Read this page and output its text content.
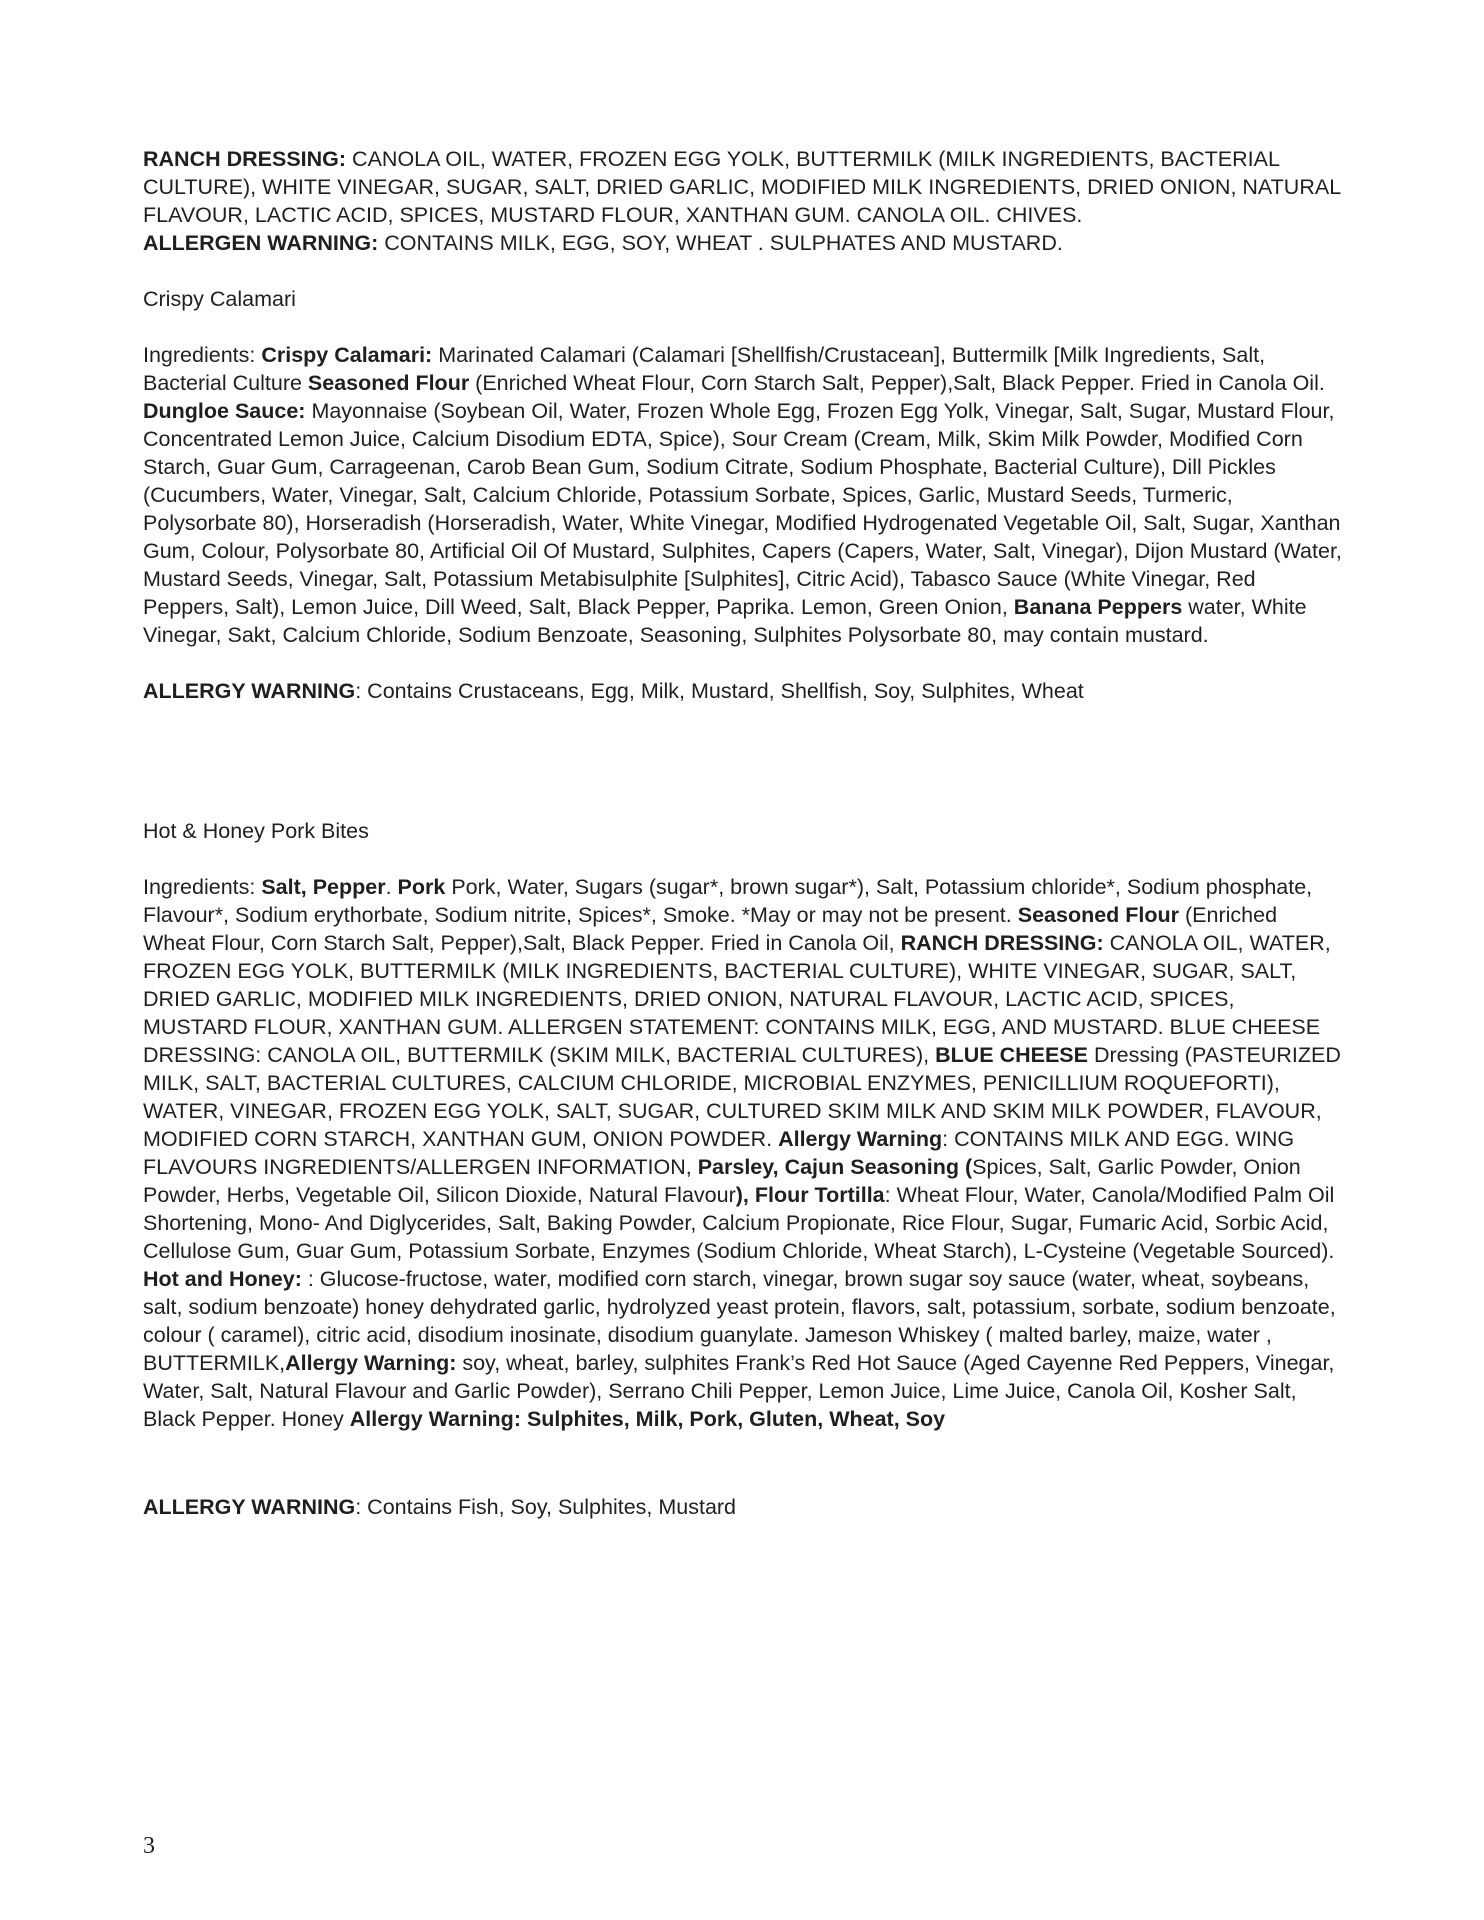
RANCH DRESSING: CANOLA OIL, WATER, FROZEN EGG YOLK, BUTTERMILK (MILK INGREDIENTS, BACTERIAL CULTURE), WHITE VINEGAR, SUGAR, SALT, DRIED GARLIC, MODIFIED MILK INGREDIENTS, DRIED ONION, NATURAL FLAVOUR, LACTIC ACID, SPICES, MUSTARD FLOUR, XANTHAN GUM. CANOLA OIL. CHIVES.

ALLERGEN WARNING: CONTAINS MILK, EGG, SOY, WHEAT . SULPHATES AND MUSTARD.

Crispy Calamari

Ingredients: Crispy Calamari: Marinated Calamari (Calamari [Shellfish/Crustacean], Buttermilk [Milk Ingredients, Salt, Bacterial Culture Seasoned Flour (Enriched Wheat Flour, Corn Starch Salt, Pepper),Salt, Black Pepper. Fried in Canola Oil. Dungloe Sauce: Mayonnaise (Soybean Oil, Water, Frozen Whole Egg, Frozen Egg Yolk, Vinegar, Salt, Sugar, Mustard Flour, Concentrated Lemon Juice, Calcium Disodium EDTA, Spice), Sour Cream (Cream, Milk, Skim Milk Powder, Modified Corn Starch, Guar Gum, Carrageenan, Carob Bean Gum, Sodium Citrate, Sodium Phosphate, Bacterial Culture), Dill Pickles (Cucumbers, Water, Vinegar, Salt, Calcium Chloride, Potassium Sorbate, Spices, Garlic, Mustard Seeds, Turmeric, Polysorbate 80), Horseradish (Horseradish, Water, White Vinegar, Modified Hydrogenated Vegetable Oil, Salt, Sugar, Xanthan Gum, Colour, Polysorbate 80, Artificial Oil Of Mustard, Sulphites, Capers (Capers, Water, Salt, Vinegar), Dijon Mustard (Water, Mustard Seeds, Vinegar, Salt, Potassium Metabisulphite [Sulphites], Citric Acid), Tabasco Sauce (White Vinegar, Red Peppers, Salt), Lemon Juice, Dill Weed, Salt, Black Pepper, Paprika. Lemon, Green Onion, Banana Peppers water, White Vinegar, Sakt, Calcium Chloride, Sodium Benzoate, Seasoning, Sulphites Polysorbate 80, may contain mustard.

ALLERGY WARNING: Contains Crustaceans, Egg, Milk, Mustard, Shellfish, Soy, Sulphites, Wheat

Hot & Honey Pork Bites

Ingredients: Salt, Pepper. Pork Pork, Water, Sugars (sugar*, brown sugar*), Salt, Potassium chloride*, Sodium phosphate, Flavour*, Sodium erythorbate, Sodium nitrite, Spices*, Smoke. *May or may not be present. Seasoned Flour (Enriched Wheat Flour, Corn Starch Salt, Pepper),Salt, Black Pepper. Fried in Canola Oil, RANCH DRESSING: CANOLA OIL, WATER, FROZEN EGG YOLK, BUTTERMILK (MILK INGREDIENTS, BACTERIAL CULTURE), WHITE VINEGAR, SUGAR, SALT, DRIED GARLIC, MODIFIED MILK INGREDIENTS, DRIED ONION, NATURAL FLAVOUR, LACTIC ACID, SPICES, MUSTARD FLOUR, XANTHAN GUM. ALLERGEN STATEMENT: CONTAINS MILK, EGG, AND MUSTARD. BLUE CHEESE DRESSING: CANOLA OIL, BUTTERMILK (SKIM MILK, BACTERIAL CULTURES), BLUE CHEESE Dressing (PASTEURIZED MILK, SALT, BACTERIAL CULTURES, CALCIUM CHLORIDE, MICROBIAL ENZYMES, PENICILLIUM ROQUEFORTI), WATER, VINEGAR, FROZEN EGG YOLK, SALT, SUGAR, CULTURED SKIM MILK AND SKIM MILK POWDER, FLAVOUR, MODIFIED CORN STARCH, XANTHAN GUM, ONION POWDER. Allergy Warning: CONTAINS MILK AND EGG. WING FLAVOURS INGREDIENTS/ALLERGEN INFORMATION, Parsley, Cajun Seasoning (Spices, Salt, Garlic Powder, Onion Powder, Herbs, Vegetable Oil, Silicon Dioxide, Natural Flavour), Flour Tortilla: Wheat Flour, Water, Canola/Modified Palm Oil Shortening, Mono- And Diglycerides, Salt, Baking Powder, Calcium Propionate, Rice Flour, Sugar, Fumaric Acid, Sorbic Acid, Cellulose Gum, Guar Gum, Potassium Sorbate, Enzymes (Sodium Chloride, Wheat Starch), L-Cysteine (Vegetable Sourced). Hot and Honey: : Glucose-fructose, water, modified corn starch, vinegar, brown sugar soy sauce (water, wheat, soybeans, salt, sodium benzoate) honey dehydrated garlic, hydrolyzed yeast protein, flavors, salt, potassium, sorbate, sodium benzoate, colour ( caramel), citric acid, disodium inosinate, disodium guanylate. Jameson Whiskey ( malted barley, maize, water , BUTTERMILK,Allergy Warning: soy, wheat, barley, sulphites Frank’s Red Hot Sauce (Aged Cayenne Red Peppers, Vinegar, Water, Salt, Natural Flavour and Garlic Powder), Serrano Chili Pepper, Lemon Juice, Lime Juice, Canola Oil, Kosher Salt, Black Pepper. Honey Allergy Warning: Sulphites, Milk, Pork, Gluten, Wheat, Soy

ALLERGY WARNING: Contains Fish, Soy, Sulphites, Mustard

3
